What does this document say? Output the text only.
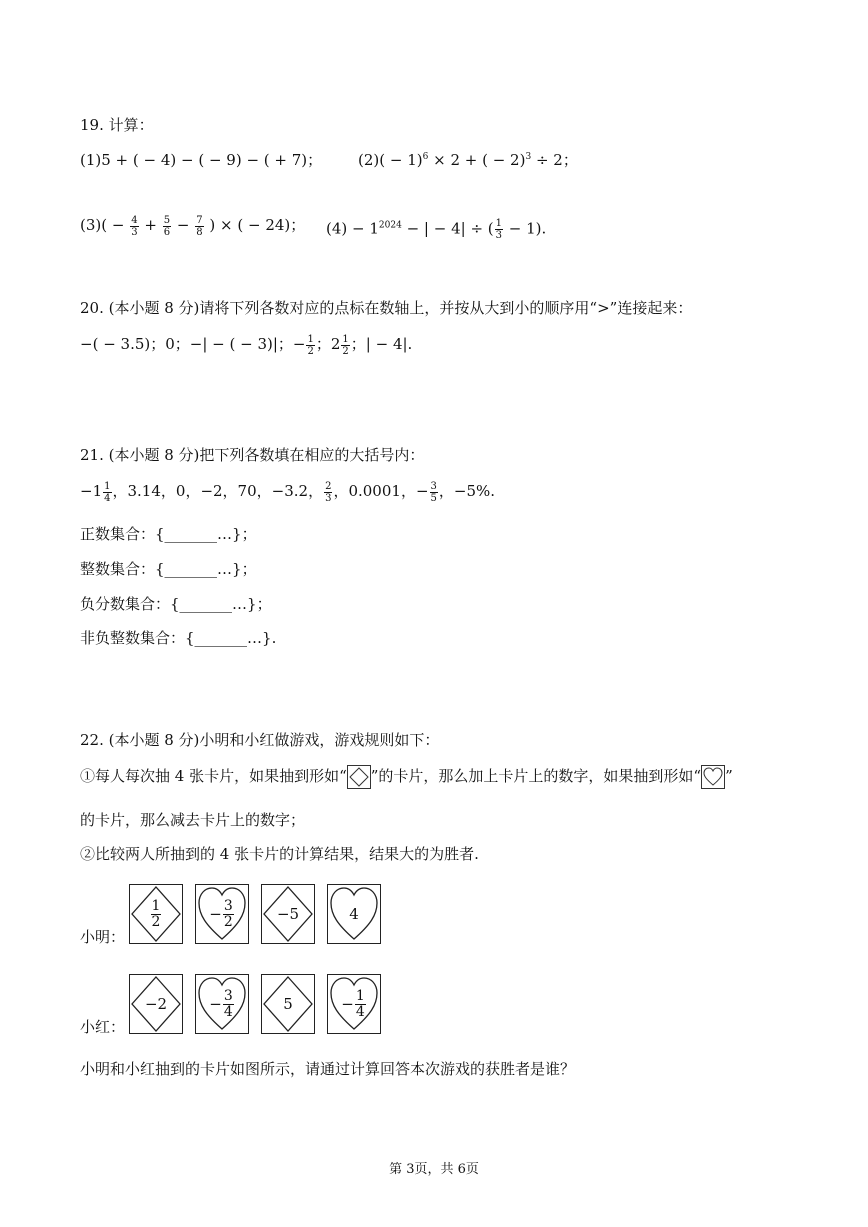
19. 计算：
(1)5 + ( − 4) − ( − 9) − ( + 7)； $(2)( - 1)^6 \times 2$ + ( − 2)$^3$ ÷ 2；
$(3)( - \frac{4}{3} + \frac{5}{6} - \frac{7}{8}$ ) × ( − 24)； $(4) - 1^{2024}$ − | − 4| ÷ ( $\frac{1}{3} - 1$).
20. (本小题 8 分)请将下列各数对应的点标在数轴上，并按从大到小的顺序用“>”连接起来：
−( − 3.5)；0；−| − ( − 3)|；− $\frac{1}{2}$ ；$2 \frac{1}{2}$ ；| − 4|.
21. (本小题 8 分)把下列各数填在相应的大括号内：
$-1 \frac{1}{4}$ ，3.14，0，−2，70，−3.2， $\frac{2}{3}$ ，0.0001，− $\frac{3}{5}$ ，−5%.
正数集合：{_______…}；
整数集合：{_______…}；
负分数集合：{_______…}；
非负整数集合：{_______…}.
22. (本小题 8 分)小明和小红做游戏，游戏规则如下：
①每人每次抽 4 张卡片，如果抽到形如“ ”的卡片，那么加上卡片上的数字，如果抽到形如“ ”
的卡片，那么减去卡片上的数字；
②比较两人所抽到的 4 张卡片的计算结果，结果大的为胜者.
小明：
小红：
$\frac{1}{2}$	− $\frac{3}{2}$	−5	4
−2	− $\frac{3}{4}$	5	− $\frac{1}{4}$
小明和小红抽到的卡片如图所示，请通过计算回答本次游戏的获胜者是谁？
第 3页，共 6页
